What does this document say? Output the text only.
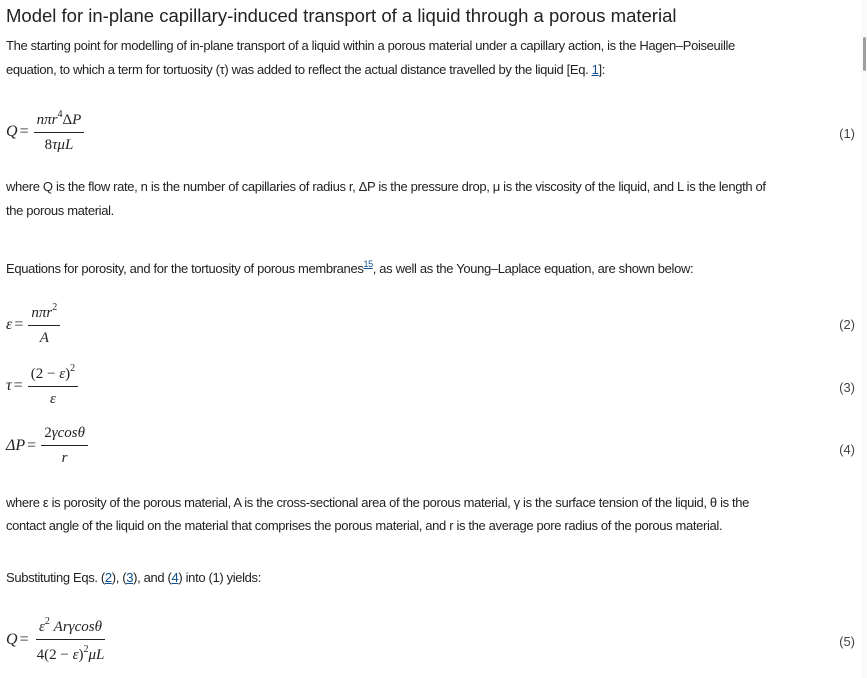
Model for in-plane capillary-induced transport of a liquid through a porous material
The starting point for modelling of in-plane transport of a liquid within a porous material under a capillary action, is the Hagen–Poiseuille
equation, to which a term for tortuosity (τ) was added to reflect the actual distance travelled by the liquid [Eq. 1]:
$Q = \frac{n\pi r^4\Delta P}{\text{8τμL}}$	(1)
where Q is the flow rate, n is the number of capillaries of radius r, ΔP is the pressure drop, μ is the viscosity of the liquid, and L is the length of
the porous material.
Equations for porosity, and for the tortuosity of porous membranes$^{15}$, as well as the Young–Laplace equation, are shown below:
$\varepsilon = \frac{n\pi r^2}{A}$	(2)
$\tau = \frac{(2 - \varepsilon)^2}{\varepsilon}$	(3)
$\Delta P = \frac{2\gamma\cos\theta}{r}$	(4)
where ε is porosity of the porous material, A is the cross-sectional area of the porous material, γ is the surface tension of the liquid, θ is the
contact angle of the liquid on the material that comprises the porous material, and r is the average pore radius of the porous material.
Substituting Eqs. (2), (3), and (4) into (1) yields:
$Q = \frac{\varepsilon^2 Ar\gamma\cos\theta}{4(2 - \varepsilon)^2\mu L}$	(5)
